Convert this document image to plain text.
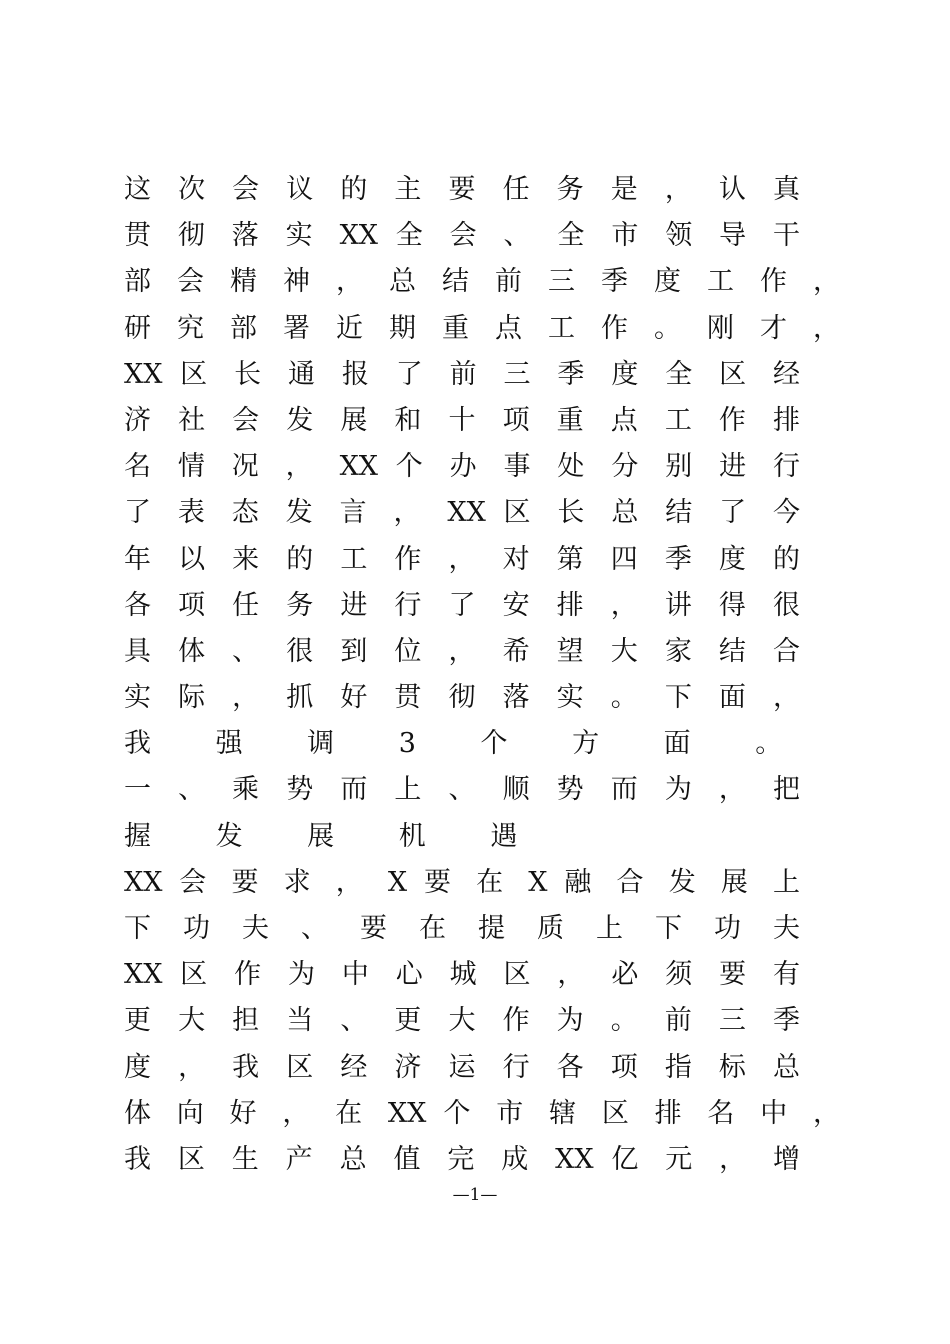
这 次 会 议 的 主 要 任 务 是 ， 认 真
贯 彻 落 实 XX 全 会 、 全 市 领 导 干
部 会 精 神 ， 总 结 前 三 季 度 工 作 ，
研 究 部 署 近 期 重 点 工 作 。 刚 才 ，
XX 区 长 通 报 了 前 三 季 度 全 区 经
济 社 会 发 展 和 十 项 重 点 工 作 排
名 情 况 ， XX 个 办 事 处 分 别 进 行
了 表 态 发 言 ， XX 区 长 总 结 了 今
年 以 来 的 工 作 ， 对 第 四 季 度 的
各 项 任 务 进 行 了 安 排 ， 讲 得 很
具 体 、 很 到 位 ， 希 望 大 家 结 合
实 际 ， 抓 好 贯 彻 落 实 。 下 面 ，
我 强 调 3 个 方 面 。
一 、 乘 势 而 上 、 顺 势 而 为 ， 把
握 发 展 机 遇
XX 会 要 求 ， X 要 在 X 融 合 发 展 上
下 功 夫 、 要 在 提 质 上 下 功 夫
XX 区 作 为 中 心 城 区 ， 必 须 要 有
更 大 担 当 、 更 大 作 为 。 前 三 季
度 ， 我 区 经 济 运 行 各 项 指 标 总
体 向 好 ， 在 XX 个 市 辖 区 排 名 中 ，
我 区 生 产 总 值 完 成 XX 亿 元 ， 增
—1—
